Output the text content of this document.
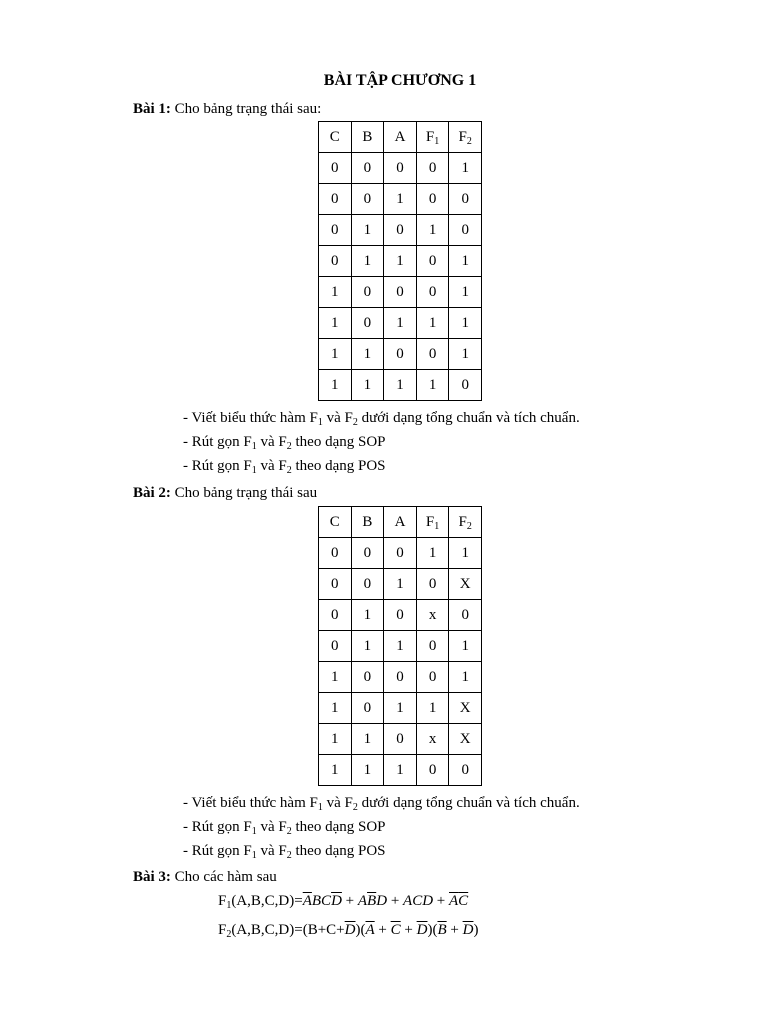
BÀI TẬP CHƯƠNG 1
Bài 1: Cho bảng trạng thái sau:
C	B	A	$F_1$	$F_2$
0	0	0	0	1
0	0	1	0	0
0	1	0	1	0
0	1	1	0	1
1	0	0	0	1
1	0	1	1	1
1	1	0	0	1
1	1	1	1	0
- Viết biểu thức hàm $F_1$ và $F_2$ dưới dạng tổng chuẩn và tích chuẩn.
- Rút gọn $F_1$ và $F_2$ theo dạng SOP
- Rút gọn $F_1$ và $F_2$ theo dạng POS
Bài 2: Cho bảng trạng thái sau
C	B	A	$F_1$	$F_2$
0	0	0	1	1
0	0	1	0	X
0	1	0	x	0
0	1	1	0	1
1	0	0	0	1
1	0	1	1	X
1	1	0	x	X
1	1	1	0	0
- Viết biểu thức hàm $F_1$ và $F_2$ dưới dạng tổng chuẩn và tích chuẩn.
- Rút gọn $F_1$ và $F_2$ theo dạng SOP
- Rút gọn $F_1$ và $F_2$ theo dạng POS
Bài 3: Cho các hàm sau
$F_1(A,B,C,D)=\overline{A}BC\overline{D} + A\overline{B}D$ + ACD + $\overline{A}\overline{C}$
$F_2(A,B,C,D)=(B+C+\overline{D})(\overline{A} + \overline{C} + \overline{D})(\overline{B} + \overline{D})$
